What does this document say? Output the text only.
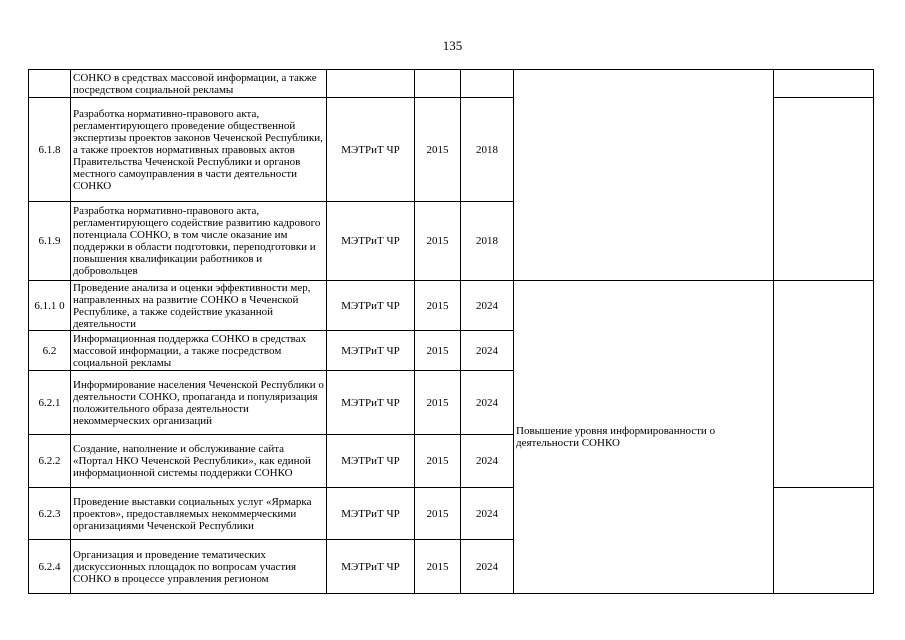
135
	СОНКО в средствах массовой информации, а также посредством социальной рекламы					
6.1.8	Разработка нормативно-правового акта, регламентирующего проведение общественной экспертизы проектов законов Чеченской Республики, а также проектов нормативных правовых актов Правительства Чеченской Республики и органов местного самоуправления в части деятельности СОНКО	МЭТРиТ ЧР	2015	2018		
6.1.9	Разработка нормативно-правового акта, регламентирующего содействие развитию кадрового потенциала СОНКО, в том числе оказание им поддержки в области подготовки, переподготовки и повышения квалификации работников и добровольцев	МЭТРиТ ЧР	2015	2018		
6.1.1 0	Проведение анализа и оценки эффективности мер, направленных на развитие СОНКО в Чеченской Республике, а также содействие указанной деятельности	МЭТРиТ ЧР	2015	2024	Повышение уровня информированности о деятельности СОНКО	
6.2	Информационная поддержка СОНКО в средствах массовой информации, а также посредством социальной рекламы	МЭТРиТ ЧР	2015	2024		
6.2.1	Информирование населения Чеченской Республики о деятельности СОНКО, пропаганда и популяризация положительного образа деятельности некоммерческих организаций	МЭТРиТ ЧР	2015	2024		
6.2.2	Создание, наполнение и обслуживание сайта «Портал НКО Чеченской Республики», как единой информационной системы поддержки СОНКО	МЭТРиТ ЧР	2015	2024		
6.2.3	Проведение выставки социальных услуг «Ярмарка проектов», предоставляемых некоммерческими организациями Чеченской Республики	МЭТРиТ ЧР	2015	2024		
6.2.4	Организация и проведение тематических дискуссионных площадок по вопросам участия СОНКО в процессе управления регионом	МЭТРиТ ЧР	2015	2024		
